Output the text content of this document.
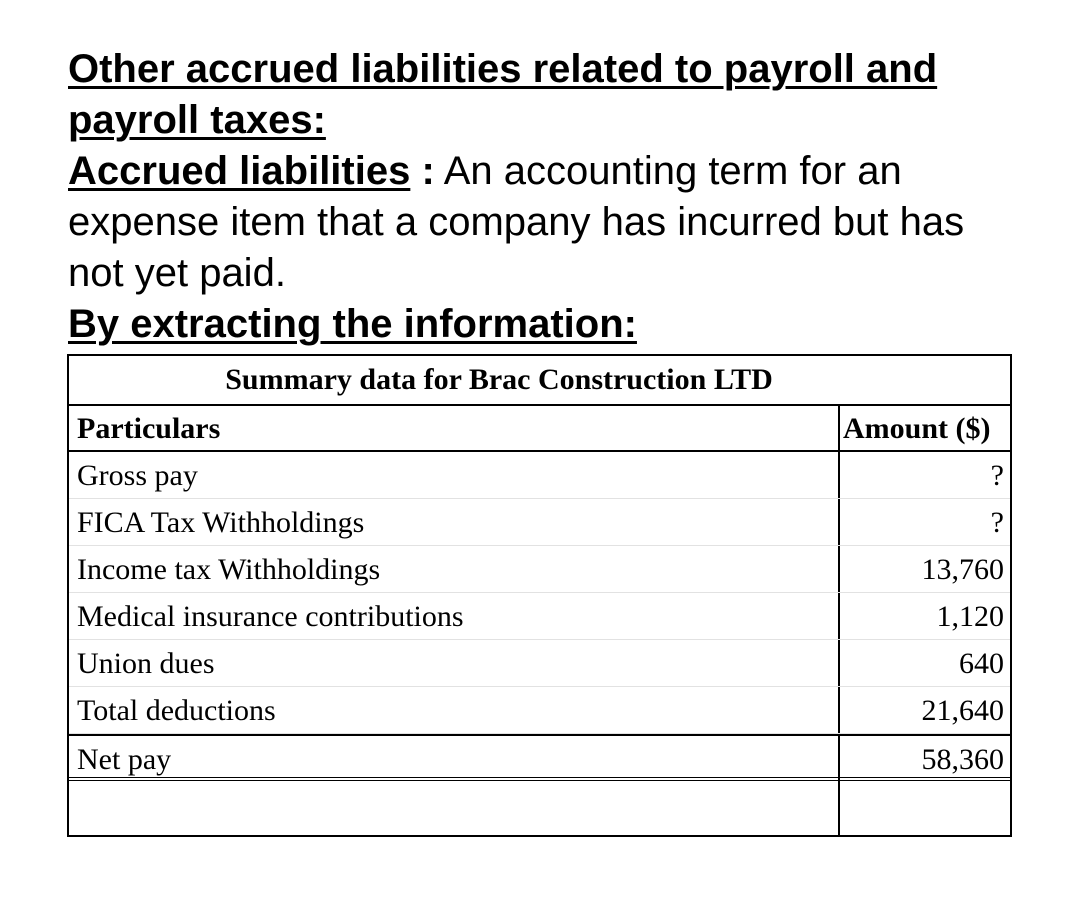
Other accrued liabilities related to payroll and payroll taxes:

Accrued liabilities : An accounting term for an expense item that a company has incurred but has not yet paid.

By extracting the information:

Summary data for Brac Construction LTD
Particulars	Amount ($)
Gross pay	?
FICA Tax Withholdings	?
Income tax Withholdings	13,760
Medical insurance contributions	1,120
Union dues	640
Total deductions	21,640
Net pay	58,360
